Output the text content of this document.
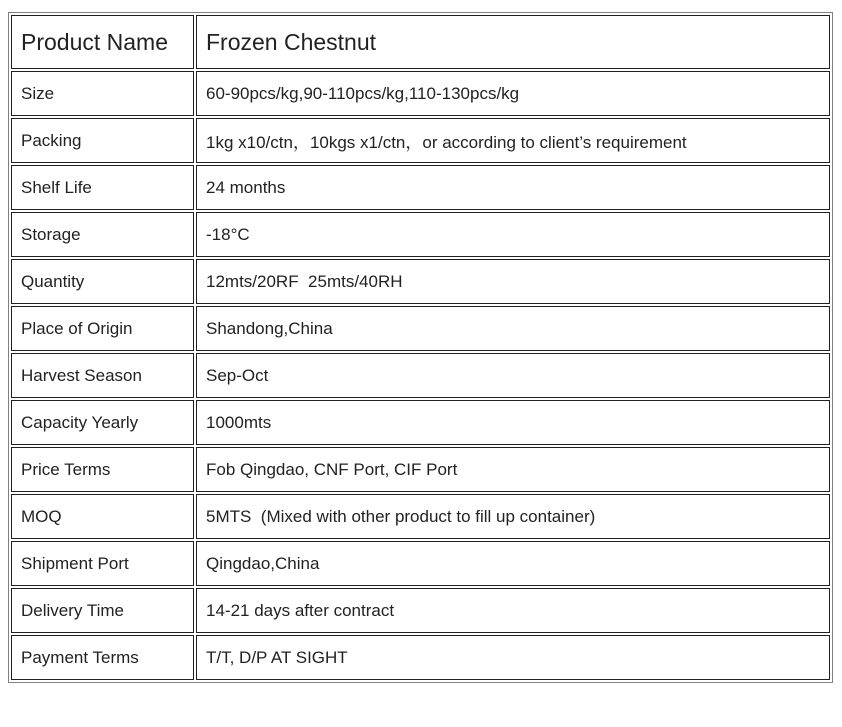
Product Name	Frozen Chestnut
Size	60-90pcs/kg,90-110pcs/kg,110-130pcs/kg
Packing	1kg x10/ctn，10kgs x1/ctn，or according to client’s requirement
Shelf Life	24 months
Storage	-18°C
Quantity	12mts/20RF  25mts/40RH
Place of Origin	Shandong,China
Harvest Season	Sep-Oct
Capacity Yearly	1000mts
Price Terms	Fob Qingdao, CNF Port, CIF Port
MOQ	5MTS  (Mixed with other product to fill up container)
Shipment Port	Qingdao,China
Delivery Time	14-21 days after contract
Payment Terms	T/T, D/P AT SIGHT
